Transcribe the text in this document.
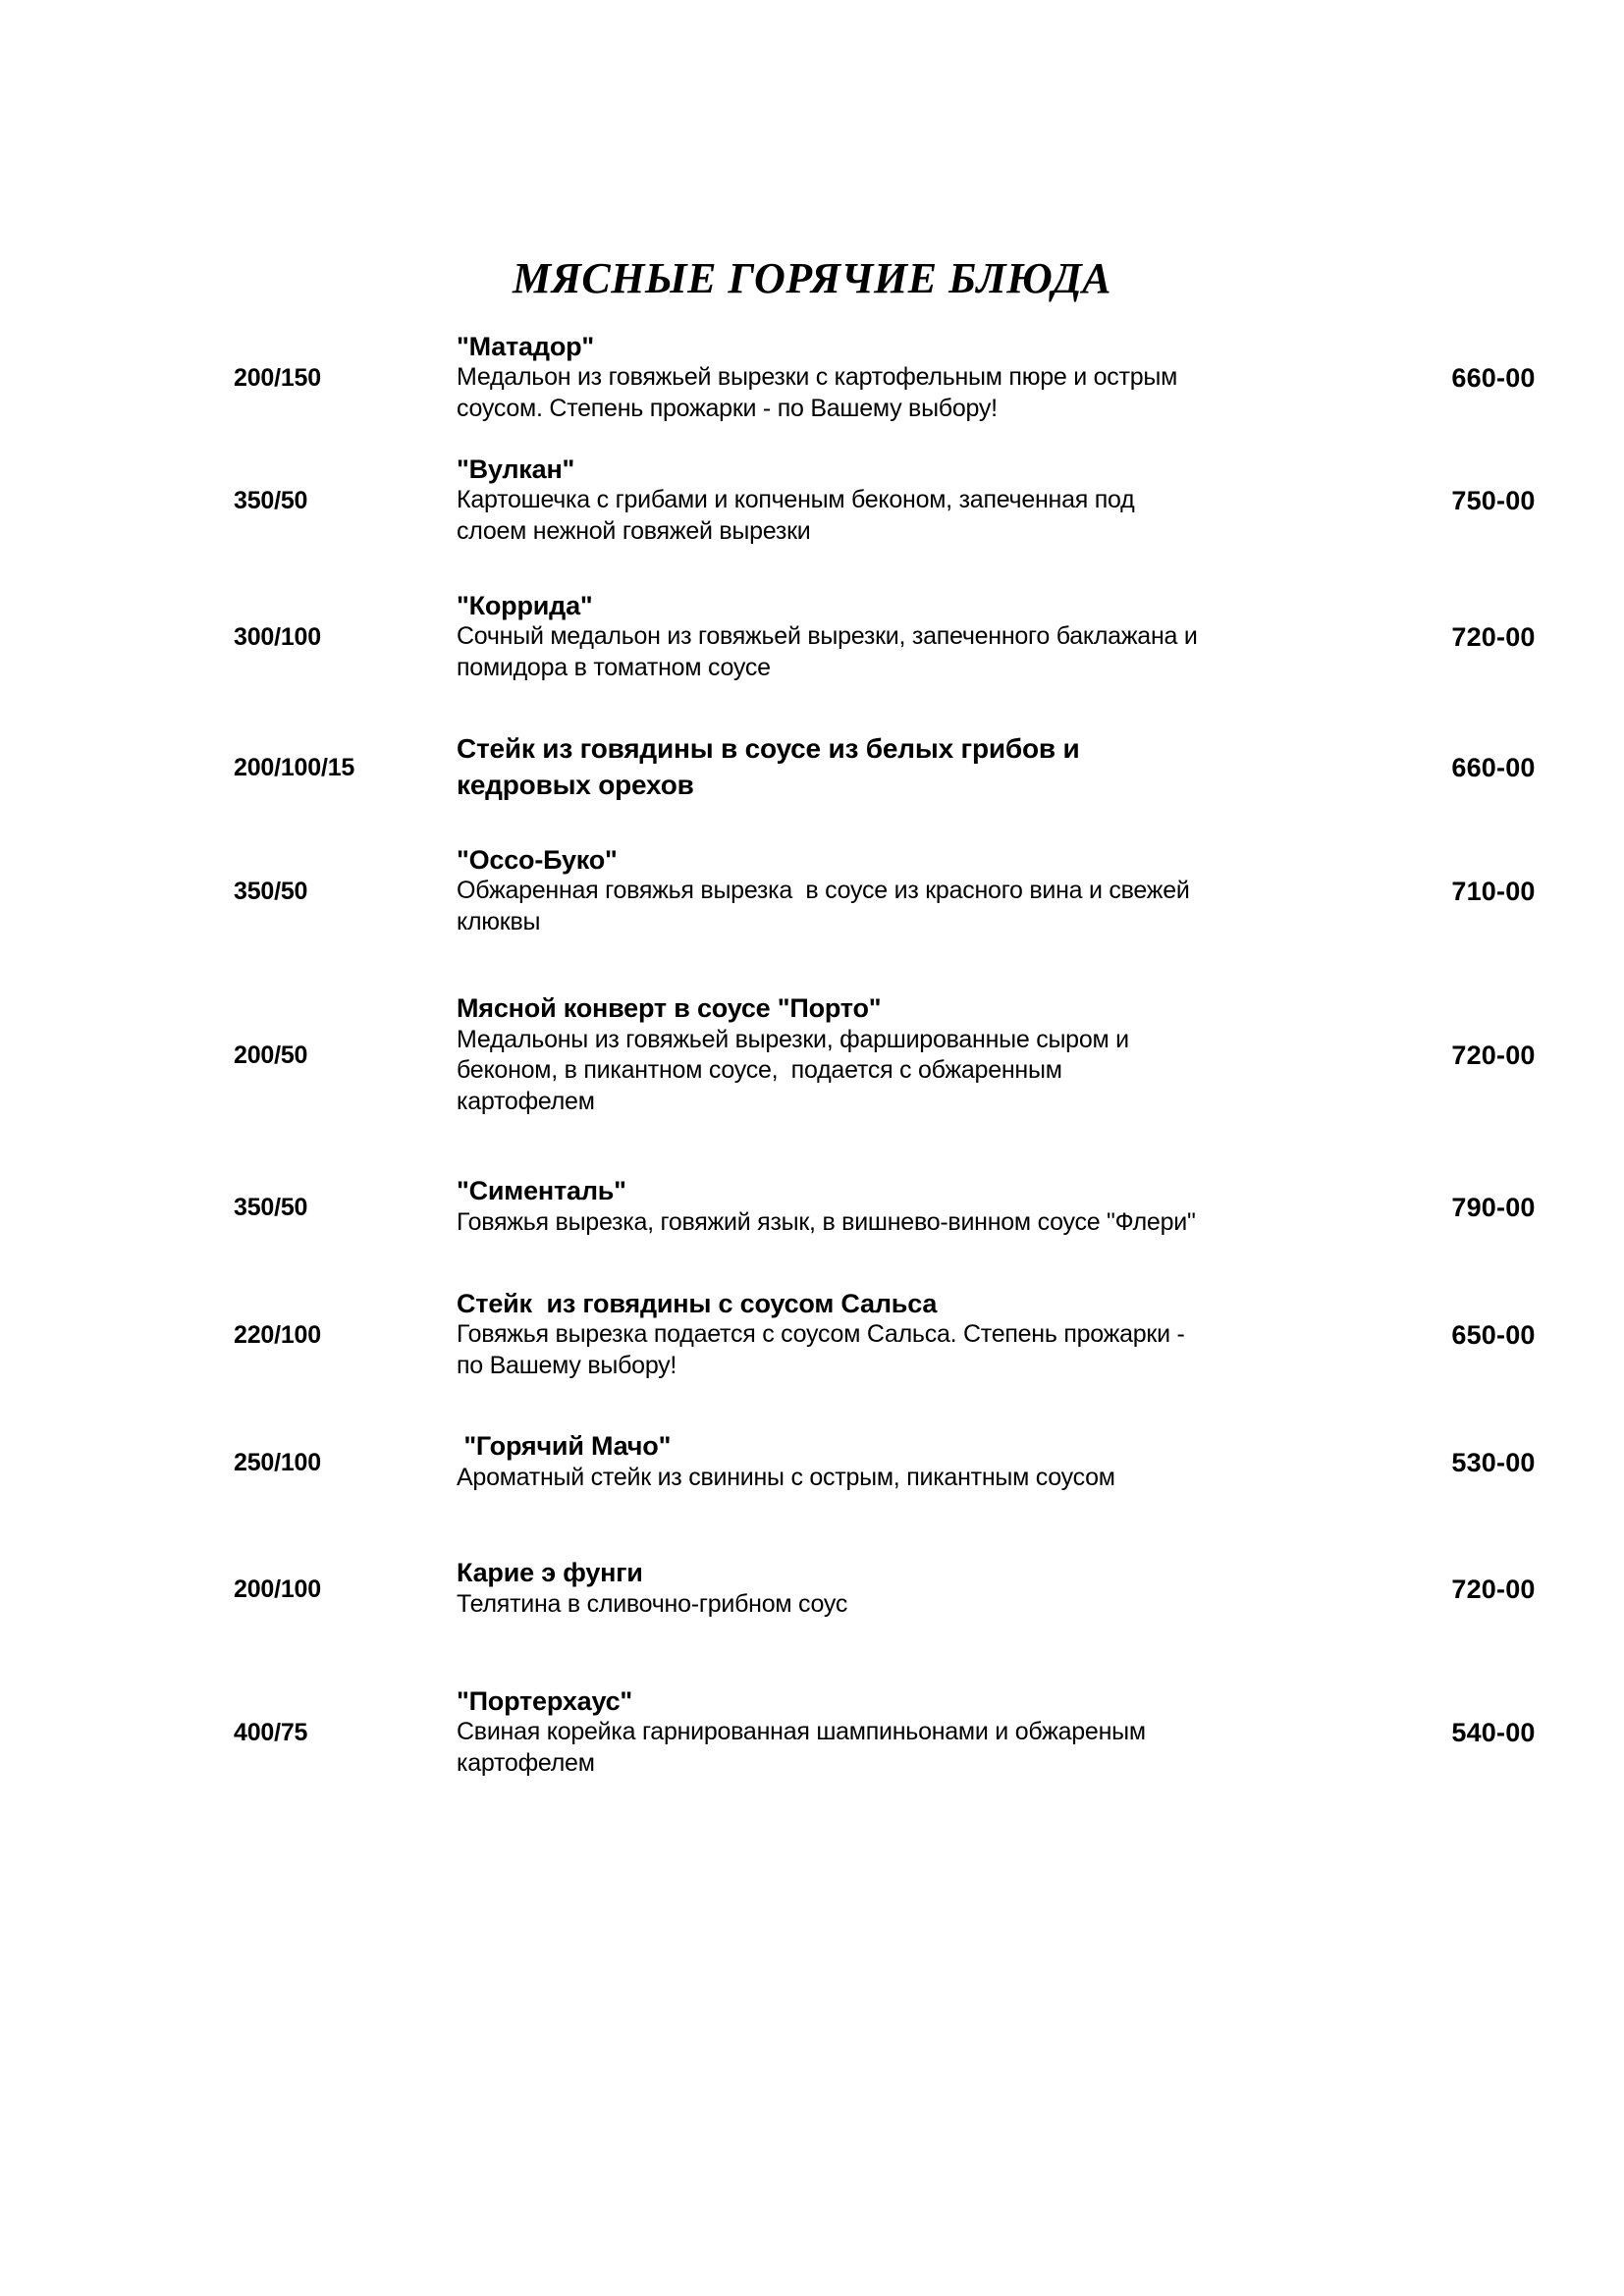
МЯСНЫЕ ГОРЯЧИЕ БЛЮДА
200/150
"Матадор"
Медальон из говяжьей вырезки с картофельным пюре и острым соусом. Степень прожарки - по Вашему выбору!
660-00
350/50
"Вулкан"
Картошечка с грибами и копченым беконом, запеченная под слоем нежной говяжей вырезки
750-00
300/100
"Коррида"
Сочный медальон из говяжьей вырезки, запеченного баклажана и помидора в томатном соусе
720-00
200/100/15
Стейк из говядины в соусе из белых грибов и кедровых орехов
660-00
350/50
"Оссо-Буко"
Обжаренная говяжья вырезка  в соусе из красного вина и свежей клюквы
710-00
200/50
Мясной конверт в соусе "Порто"
Медальоны из говяжьей вырезки, фаршированные сыром и беконом, в пикантном соусе,  подается с обжаренным картофелем
720-00
350/50
"Сименталь"
Говяжья вырезка, говяжий язык, в вишнево-винном соусе "Флери"
790-00
220/100
Стейк  из говядины с соусом Сальса
Говяжья вырезка подается с соусом Сальса. Степень прожарки - по Вашему выбору!
650-00
250/100
"Горячий Мачо"
Ароматный стейк из свинины с острым, пикантным соусом
530-00
200/100
Карие э фунги
Телятина в сливочно-грибном соус
720-00
400/75
"Портерхаус"
Свиная корейка гарнированная шампиньонами и обжареным картофелем
540-00
